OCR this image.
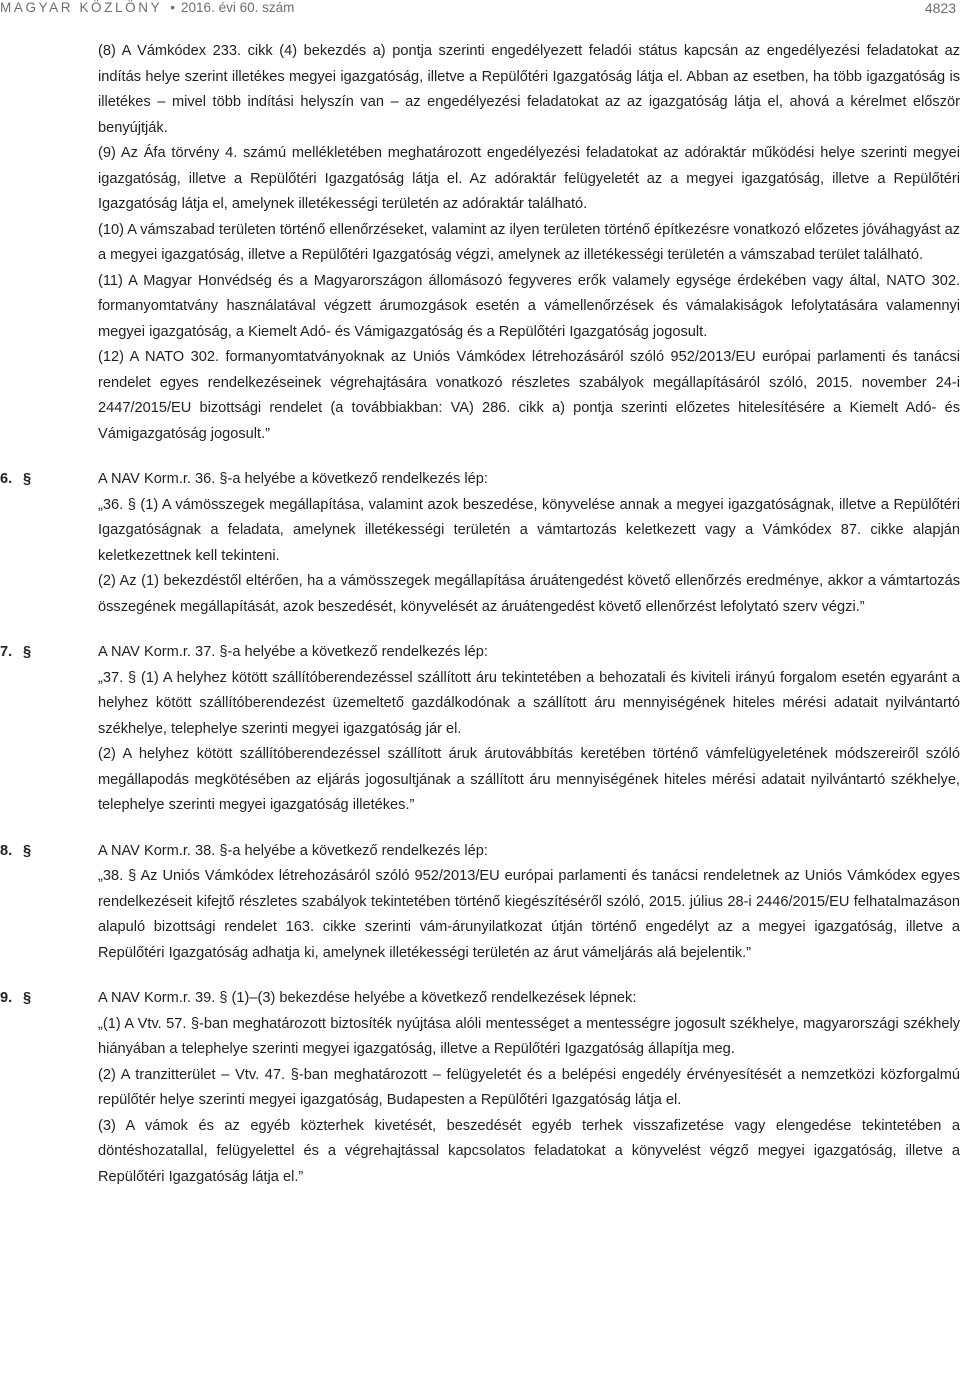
MAGYAR KÖZLÖNY • 2016. évi 60. szám	4823

(8) A Vámkódex 233. cikk (4) bekezdés a) pontja szerinti engedélyezett feladói státus kapcsán az engedélyezési feladatokat az indítás helye szerint illetékes megyei igazgatóság, illetve a Repülőtéri Igazgatóság látja el. Abban az esetben, ha több igazgatóság is illetékes – mivel több indítási helyszín van – az engedélyezési feladatokat az az igazgatóság látja el, ahová a kérelmet először benyújtják.

(9) Az Áfa törvény 4. számú mellékletében meghatározott engedélyezési feladatokat az adóraktár működési helye szerinti megyei igazgatóság, illetve a Repülőtéri Igazgatóság látja el. Az adóraktár felügyeletét az a megyei igazgatóság, illetve a Repülőtéri Igazgatóság látja el, amelynek illetékességi területén az adóraktár található.

(10) A vámszabad területen történő ellenőrzéseket, valamint az ilyen területen történő építkezésre vonatkozó előzetes jóváhagyást az a megyei igazgatóság, illetve a Repülőtéri Igazgatóság végzi, amelynek az illetékességi területén a vámszabad terület található.

(11) A Magyar Honvédség és a Magyarországon állomásozó fegyveres erők valamely egysége érdekében vagy által, NATO 302. formanyomtatvány használatával végzett árumozgások esetén a vámellenőrzések és vámalakiságok lefolytatására valamennyi megyei igazgatóság, a Kiemelt Adó- és Vámigazgatóság és a Repülőtéri Igazgatóság jogosult.

(12) A NATO 302. formanyomtatványoknak az Uniós Vámkódex létrehozásáról szóló 952/2013/EU európai parlamenti és tanácsi rendelet egyes rendelkezéseinek végrehajtására vonatkozó részletes szabályok megállapításáról szóló, 2015. november 24-i 2447/2015/EU bizottsági rendelet (a továbbiakban: VA) 286. cikk a) pontja szerinti előzetes hitelesítésére a Kiemelt Adó- és Vámigazgatóság jogosult.”

6. §	A NAV Korm.r. 36. §-a helyébe a következő rendelkezés lép:

„36. § (1) A vámösszegek megállapítása, valamint azok beszedése, könyvelése annak a megyei igazgatóságnak, illetve a Repülőtéri Igazgatóságnak a feladata, amelynek illetékességi területén a vámtartozás keletkezett vagy a Vámkódex 87. cikke alapján keletkezettnek kell tekinteni.

(2) Az (1) bekezdéstől eltérően, ha a vámösszegek megállapítása áruátengedést követő ellenőrzés eredménye, akkor a vámtartozás összegének megállapítását, azok beszedését, könyvelését az áruátengedést követő ellenőrzést lefolytató szerv végzi.”

7. §	A NAV Korm.r. 37. §-a helyébe a következő rendelkezés lép:

„37. § (1) A helyhez kötött szállítóberendezéssel szállított áru tekintetében a behozatali és kiviteli irányú forgalom esetén egyaránt a helyhez kötött szállítóberendezést üzemeltető gazdálkodónak a szállított áru mennyiségének hiteles mérési adatait nyilvántartó székhelye, telephelye szerinti megyei igazgatóság jár el.

(2) A helyhez kötött szállítóberendezéssel szállított áruk árutovábbítás keretében történő vámfelügyeletének módszereiről szóló megállapodás megkötésében az eljárás jogosultjának a szállított áru mennyiségének hiteles mérési adatait nyilvántartó székhelye, telephelye szerinti megyei igazgatóság illetékes.”

8. §	A NAV Korm.r. 38. §-a helyébe a következő rendelkezés lép:

„38. § Az Uniós Vámkódex létrehozásáról szóló 952/2013/EU európai parlamenti és tanácsi rendeletnek az Uniós Vámkódex egyes rendelkezéseit kifejtő részletes szabályok tekintetében történő kiegészítéséről szóló, 2015. július 28-i 2446/2015/EU felhatalmazáson alapuló bizottsági rendelet 163. cikke szerinti vám-árunyilatkozat útján történő engedélyt az a megyei igazgatóság, illetve a Repülőtéri Igazgatóság adhatja ki, amelynek illetékességi területén az árut vámeljárás alá bejelentik.”

9. §	A NAV Korm.r. 39. § (1)–(3) bekezdése helyébe a következő rendelkezések lépnek:

„(1) A Vtv. 57. §-ban meghatározott biztosíték nyújtása alóli mentességet a mentességre jogosult székhelye, magyarországi székhely hiányában a telephelye szerinti megyei igazgatóság, illetve a Repülőtéri Igazgatóság állapítja meg.

(2) A tranzitterület – Vtv. 47. §-ban meghatározott – felügyeletét és a belépési engedély érvényesítését a nemzetközi közforgalmú repülőtér helye szerinti megyei igazgatóság, Budapesten a Repülőtéri Igazgatóság látja el.

(3) A vámok és az egyéb közterhek kivetését, beszedését egyéb terhek visszafizetése vagy elengedése tekintetében a döntéshozatallal, felügyelettel és a végrehajtással kapcsolatos feladatokat a könyvelést végző megyei igazgatóság, illetve a Repülőtéri Igazgatóság látja el.”
